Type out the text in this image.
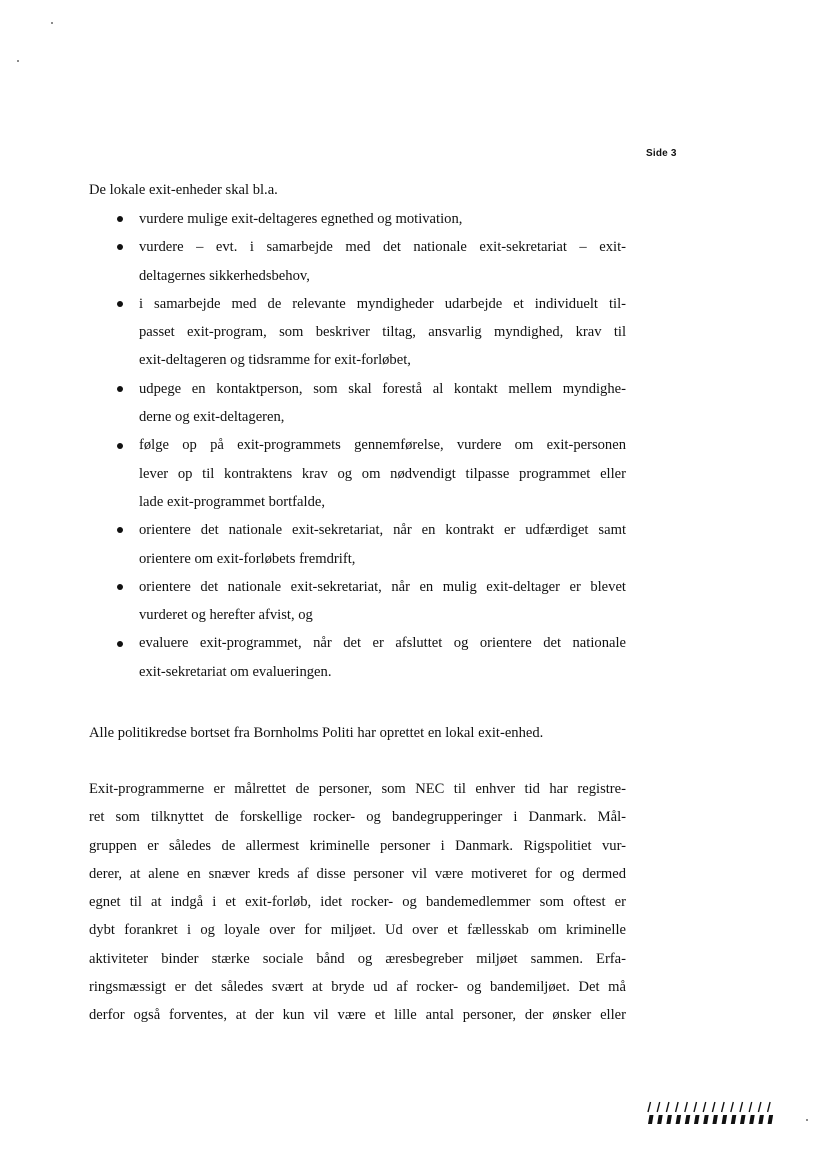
Side 3
De lokale exit-enheder skal bl.a.
vurdere mulige exit-deltageres egnethed og motivation,
vurdere – evt. i samarbejde med det nationale exit-sekretariat – exit-
deltagernes sikkerhedsbehov,
i samarbejde med de relevante myndigheder udarbejde et individuelt til-
passet exit-program, som beskriver tiltag, ansvarlig myndighed, krav til
exit-deltageren og tidsramme for exit-forløbet,
udpege en kontaktperson, som skal forestå al kontakt mellem myndighe-
derne og exit-deltageren,
følge op på exit-programmets gennemførelse, vurdere om exit-personen
lever op til kontraktens krav og om nødvendigt tilpasse programmet eller
lade exit-programmet bortfalde,
orientere det nationale exit-sekretariat, når en kontrakt er udfærdiget samt
orientere om exit-forløbets fremdrift,
orientere det nationale exit-sekretariat, når en mulig exit-deltager er blevet
vurderet og herefter afvist, og
evaluere exit-programmet, når det er afsluttet og orientere det nationale
exit-sekretariat om evalueringen.
Alle politikredse bortset fra Bornholms Politi har oprettet en lokal exit-enhed.
Exit-programmerne er målrettet de personer, som NEC til enhver tid har registre-
ret som tilknyttet de forskellige rocker- og bandegrupperinger i Danmark. Mål-
gruppen er således de allermest kriminelle personer i Danmark. Rigspolitiet vur-
derer, at alene en snæver kreds af disse personer vil være motiveret for og dermed
egnet til at indgå i et exit-forløb, idet rocker- og bandemedlemmer som oftest er
dybt forankret i og loyale over for miljøet. Ud over et fællesskab om kriminelle
aktiviteter binder stærke sociale bånd og æresbegreber miljøet sammen. Erfa-
ringsmæssigt er det således svært at bryde ud af rocker- og bandemiljøet. Det må
derfor også forventes, at der kun vil være et lille antal personer, der ønsker eller
